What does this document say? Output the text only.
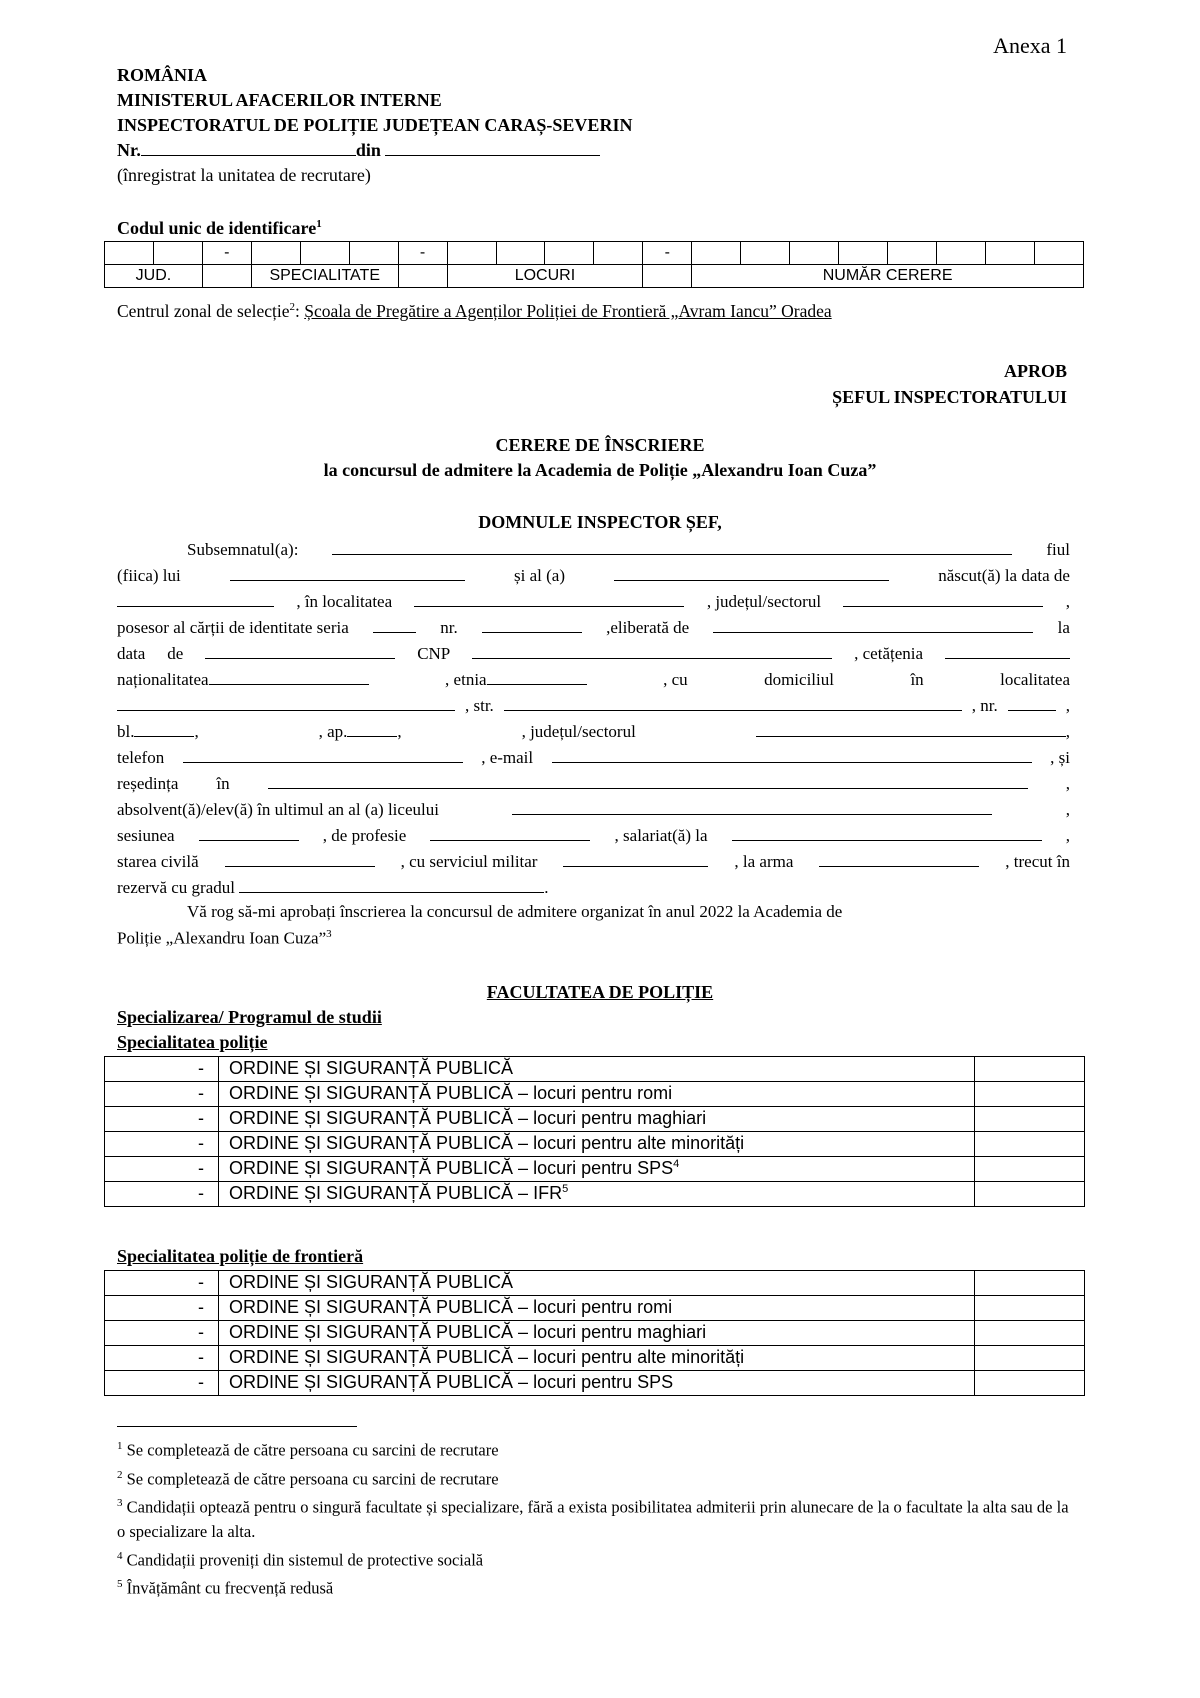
Anexa 1
ROMÂNIA
MINISTERUL AFACERILOR INTERNE
INSPECTORATUL DE POLIȚIE JUDEȚEAN CARAȘ-SEVERIN
Nr.	din
(înregistrat la unitatea de recrutare)
Codul unic de identificare$^1$
		-				-					-								
JUD.			SPECIALITATE				LOCURI					NUMĂR CERERE							
Centrul zonal de selecție$^2$: Școala de Pregătire a Agenților Poliției de Frontieră „Avram Iancu” Oradea
APROB
ȘEFUL INSPECTORATULUI
CERERE DE ÎNSCRIERE
la concursul de admitere la Academia de Poliție „Alexandru Ioan Cuza”
DOMNULE INSPECTOR ȘEF,
Subsemnatul(a):	fiul
(fiica) lui	și al (a)	născut(ă) la data de
, în localitatea	, județul/sectorul	,
posesor al cărții de identitate seria	nr.	,eliberată de	la
data de	CNP	, cetățenia
naționalitatea	, etnia	, cu	domiciliul	în	localitatea
, str.	, nr.	,
bl.	,	, ap.	,	, județul/sectorul	,
telefon	, e-mail	, și
reședința în	,
absolvent(ă)/elev(ă) în ultimul an al (a) liceului	,
sesiunea	, de profesie	, salariat(ă) la	,
starea civilă	, cu serviciul militar	, la arma	, trecut în
rezervă cu gradul	.
Vă rog să-mi aprobați înscrierea la concursul de admitere organizat în anul 2022 la Academia de
Poliție „Alexandru Ioan Cuza”$^3$
FACULTATEA DE POLIȚIE
Specializarea/ Programul de studii
Specialitatea poliție
-	ORDINE ȘI SIGURANȚĂ PUBLICĂ	
-	ORDINE ȘI SIGURANȚĂ PUBLICĂ – locuri pentru romi	
-	ORDINE ȘI SIGURANȚĂ PUBLICĂ – locuri pentru maghiari	
-	ORDINE ȘI SIGURANȚĂ PUBLICĂ – locuri pentru alte minorități	
-	ORDINE ȘI SIGURANȚĂ PUBLICĂ – locuri pentru SPS$^4$	
-	ORDINE ȘI SIGURANȚĂ PUBLICĂ – IFR$^5$	
Specialitatea poliție de frontieră
-	ORDINE ȘI SIGURANȚĂ PUBLICĂ	
-	ORDINE ȘI SIGURANȚĂ PUBLICĂ – locuri pentru romi	
-	ORDINE ȘI SIGURANȚĂ PUBLICĂ – locuri pentru maghiari	
-	ORDINE ȘI SIGURANȚĂ PUBLICĂ – locuri pentru alte minorități	
-	ORDINE ȘI SIGURANȚĂ PUBLICĂ – locuri pentru SPS	
$^1$ Se completează de către persoana cu sarcini de recrutare
$^2$ Se completează de către persoana cu sarcini de recrutare
$^3$ Candidații optează pentru o singură facultate și specializare, fără a exista posibilitatea admiterii prin alunecare de la o facultate la alta sau de la o specializare la alta.
$^4$ Candidații proveniți din sistemul de protective socială
$^5$ Învățământ cu frecvență redusă
